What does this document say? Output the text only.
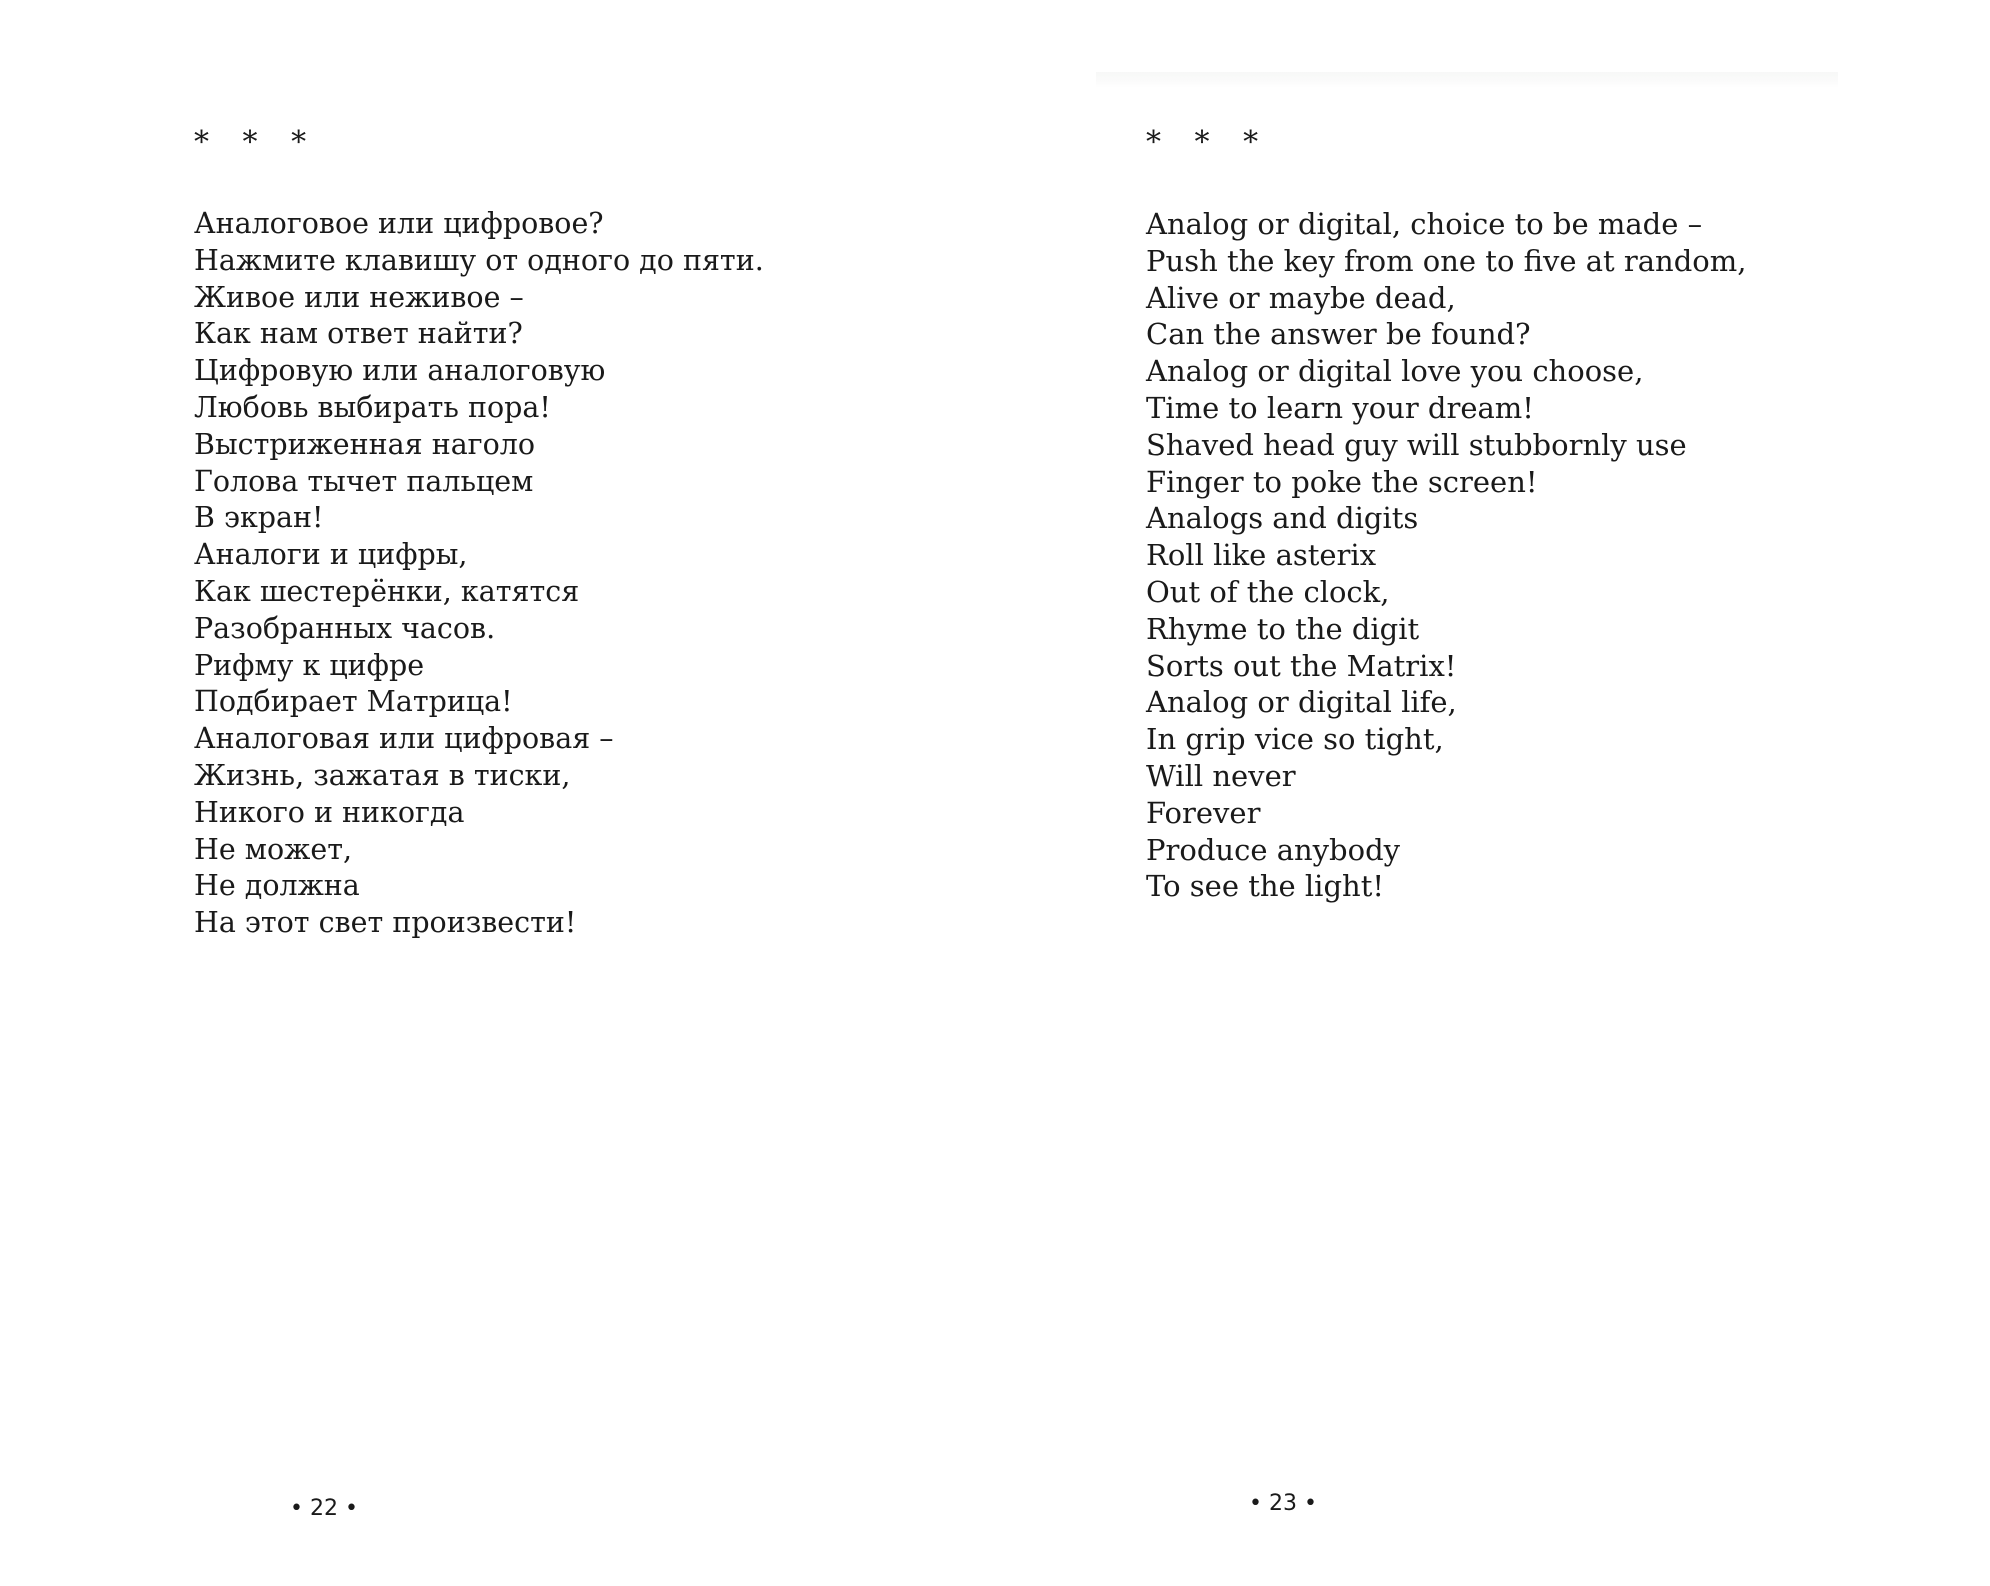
* * *
Аналоговое или цифровое?
Нажмите клавишу от одного до пяти.
Живое или неживое –
Как нам ответ найти?
Цифровую или аналоговую
Любовь выбирать пора!
Выстриженная наголо
Голова тычет пальцем
В экран!
Аналоги и цифры,
Как шестерёнки, катятся
Разобранных часов.
Рифму к цифре
Подбирает Матрица!
Аналоговая или цифровая –
Жизнь, зажатая в тиски,
Никого и никогда
Не может,
Не должна
На этот свет произвести!
• 22 •
* * *
Analog or digital, choice to be made –
Push the key from one to five at random,
Alive or maybe dead,
Can the answer be found?
Analog or digital love you choose,
Time to learn your dream!
Shaved head guy will stubbornly use
Finger to poke the screen!
Analogs and digits
Roll like asterix
Out of the clock,
Rhyme to the digit
Sorts out the Matrix!
Analog or digital life,
In grip vice so tight,
Will never
Forever
Produce anybody
To see the light!
• 23 •
